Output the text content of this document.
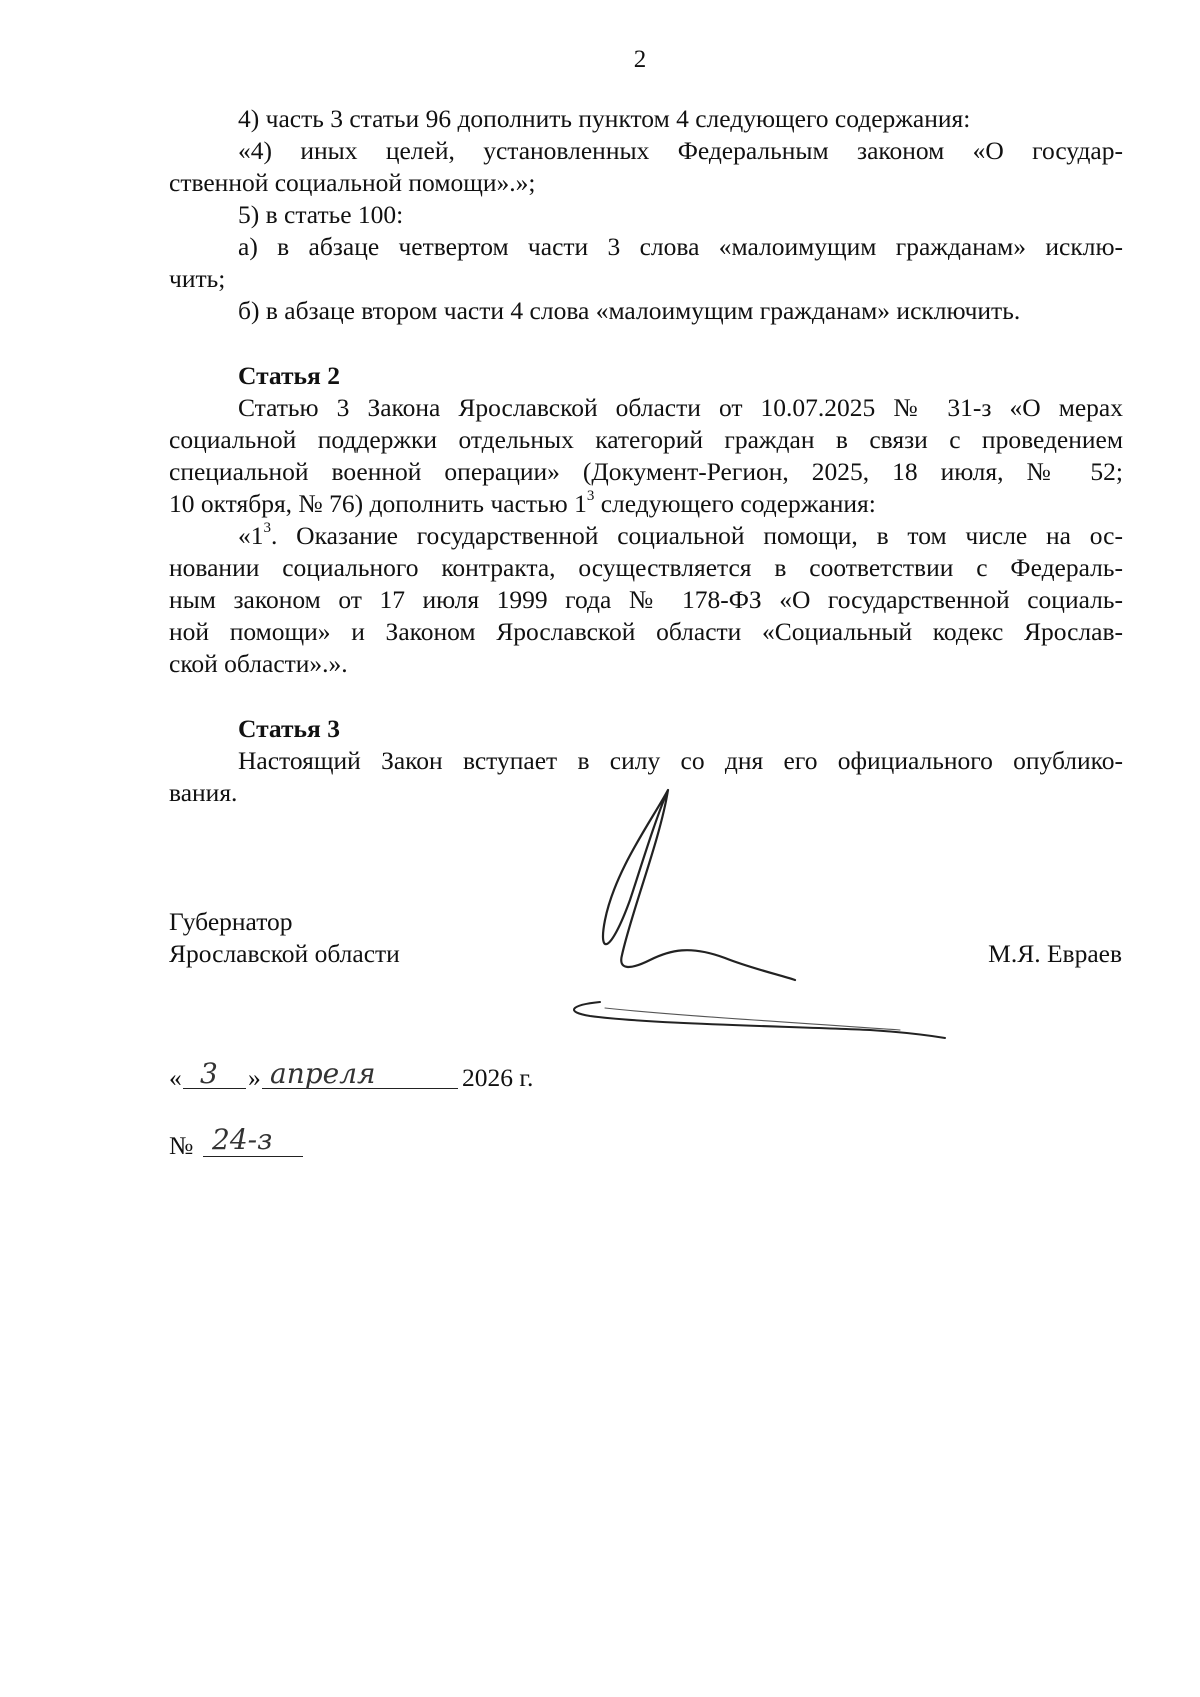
2
4) часть 3 статьи 96 дополнить пунктом 4 следующего содержания:
«4) иных целей, установленных Федеральным законом «О государ-
ственной социальной помощи».»;
5) в статье 100:
а) в абзаце четвертом части 3 слова «малоимущим гражданам» исклю-
чить;
б) в абзаце втором части 4 слова «малоимущим гражданам» исключить.
Статья 2
Статью 3 Закона Ярославской области от 10.07.2025 № 31-з «О мерах
социальной поддержки отдельных категорий граждан в связи с проведением
специальной военной операции» (Документ-Регион, 2025, 18 июля, № 52;
10 октября, № 76) дополнить частью $1^3$ следующего содержания:
«$1^3$. Оказание государственной социальной помощи, в том числе на ос-
новании социального контракта, осуществляется в соответствии с Федераль-
ным законом от 17 июля 1999 года № 178-ФЗ «О государственной социаль-
ной помощи» и Законом Ярославской области «Социальный кодекс Ярослав-
ской области».».
Статья 3
Настоящий Закон вступает в силу со дня его официального опублико-
вания.
Губернатор
Ярославской области	М.Я. Евраев
« 3 » апреля	2026 г.
№ 24-з
